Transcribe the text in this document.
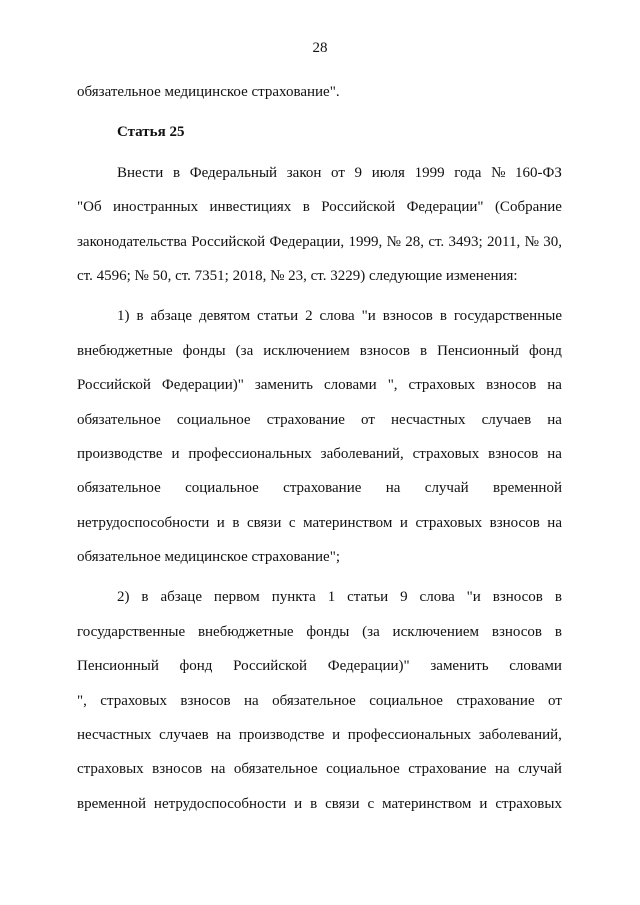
28
обязательное медицинское страхование".
Статья 25
Внести в Федеральный закон от 9 июля 1999 года № 160-ФЗ
"Об иностранных инвестициях в Российской Федерации" (Собрание
законодательства Российской Федерации, 1999, № 28, ст. 3493; 2011, № 30,
ст. 4596; № 50, ст. 7351; 2018, № 23, ст. 3229) следующие изменения:
1) в абзаце девятом статьи 2 слова "и взносов в государственные
внебюджетные фонды (за исключением взносов в Пенсионный фонд
Российской Федерации)" заменить словами ", страховых взносов на
обязательное социальное страхование от несчастных случаев на
производстве и профессиональных заболеваний, страховых взносов на
обязательное социальное страхование на случай временной
нетрудоспособности и в связи с материнством и страховых взносов на
обязательное медицинское страхование";
2) в абзаце первом пункта 1 статьи 9 слова "и взносов в
государственные внебюджетные фонды (за исключением взносов в
Пенсионный фонд Российской Федерации)" заменить словами
", страховых взносов на обязательное социальное страхование от
несчастных случаев на производстве и профессиональных заболеваний,
страховых взносов на обязательное социальное страхование на случай
временной нетрудоспособности и в связи с материнством и страховых
